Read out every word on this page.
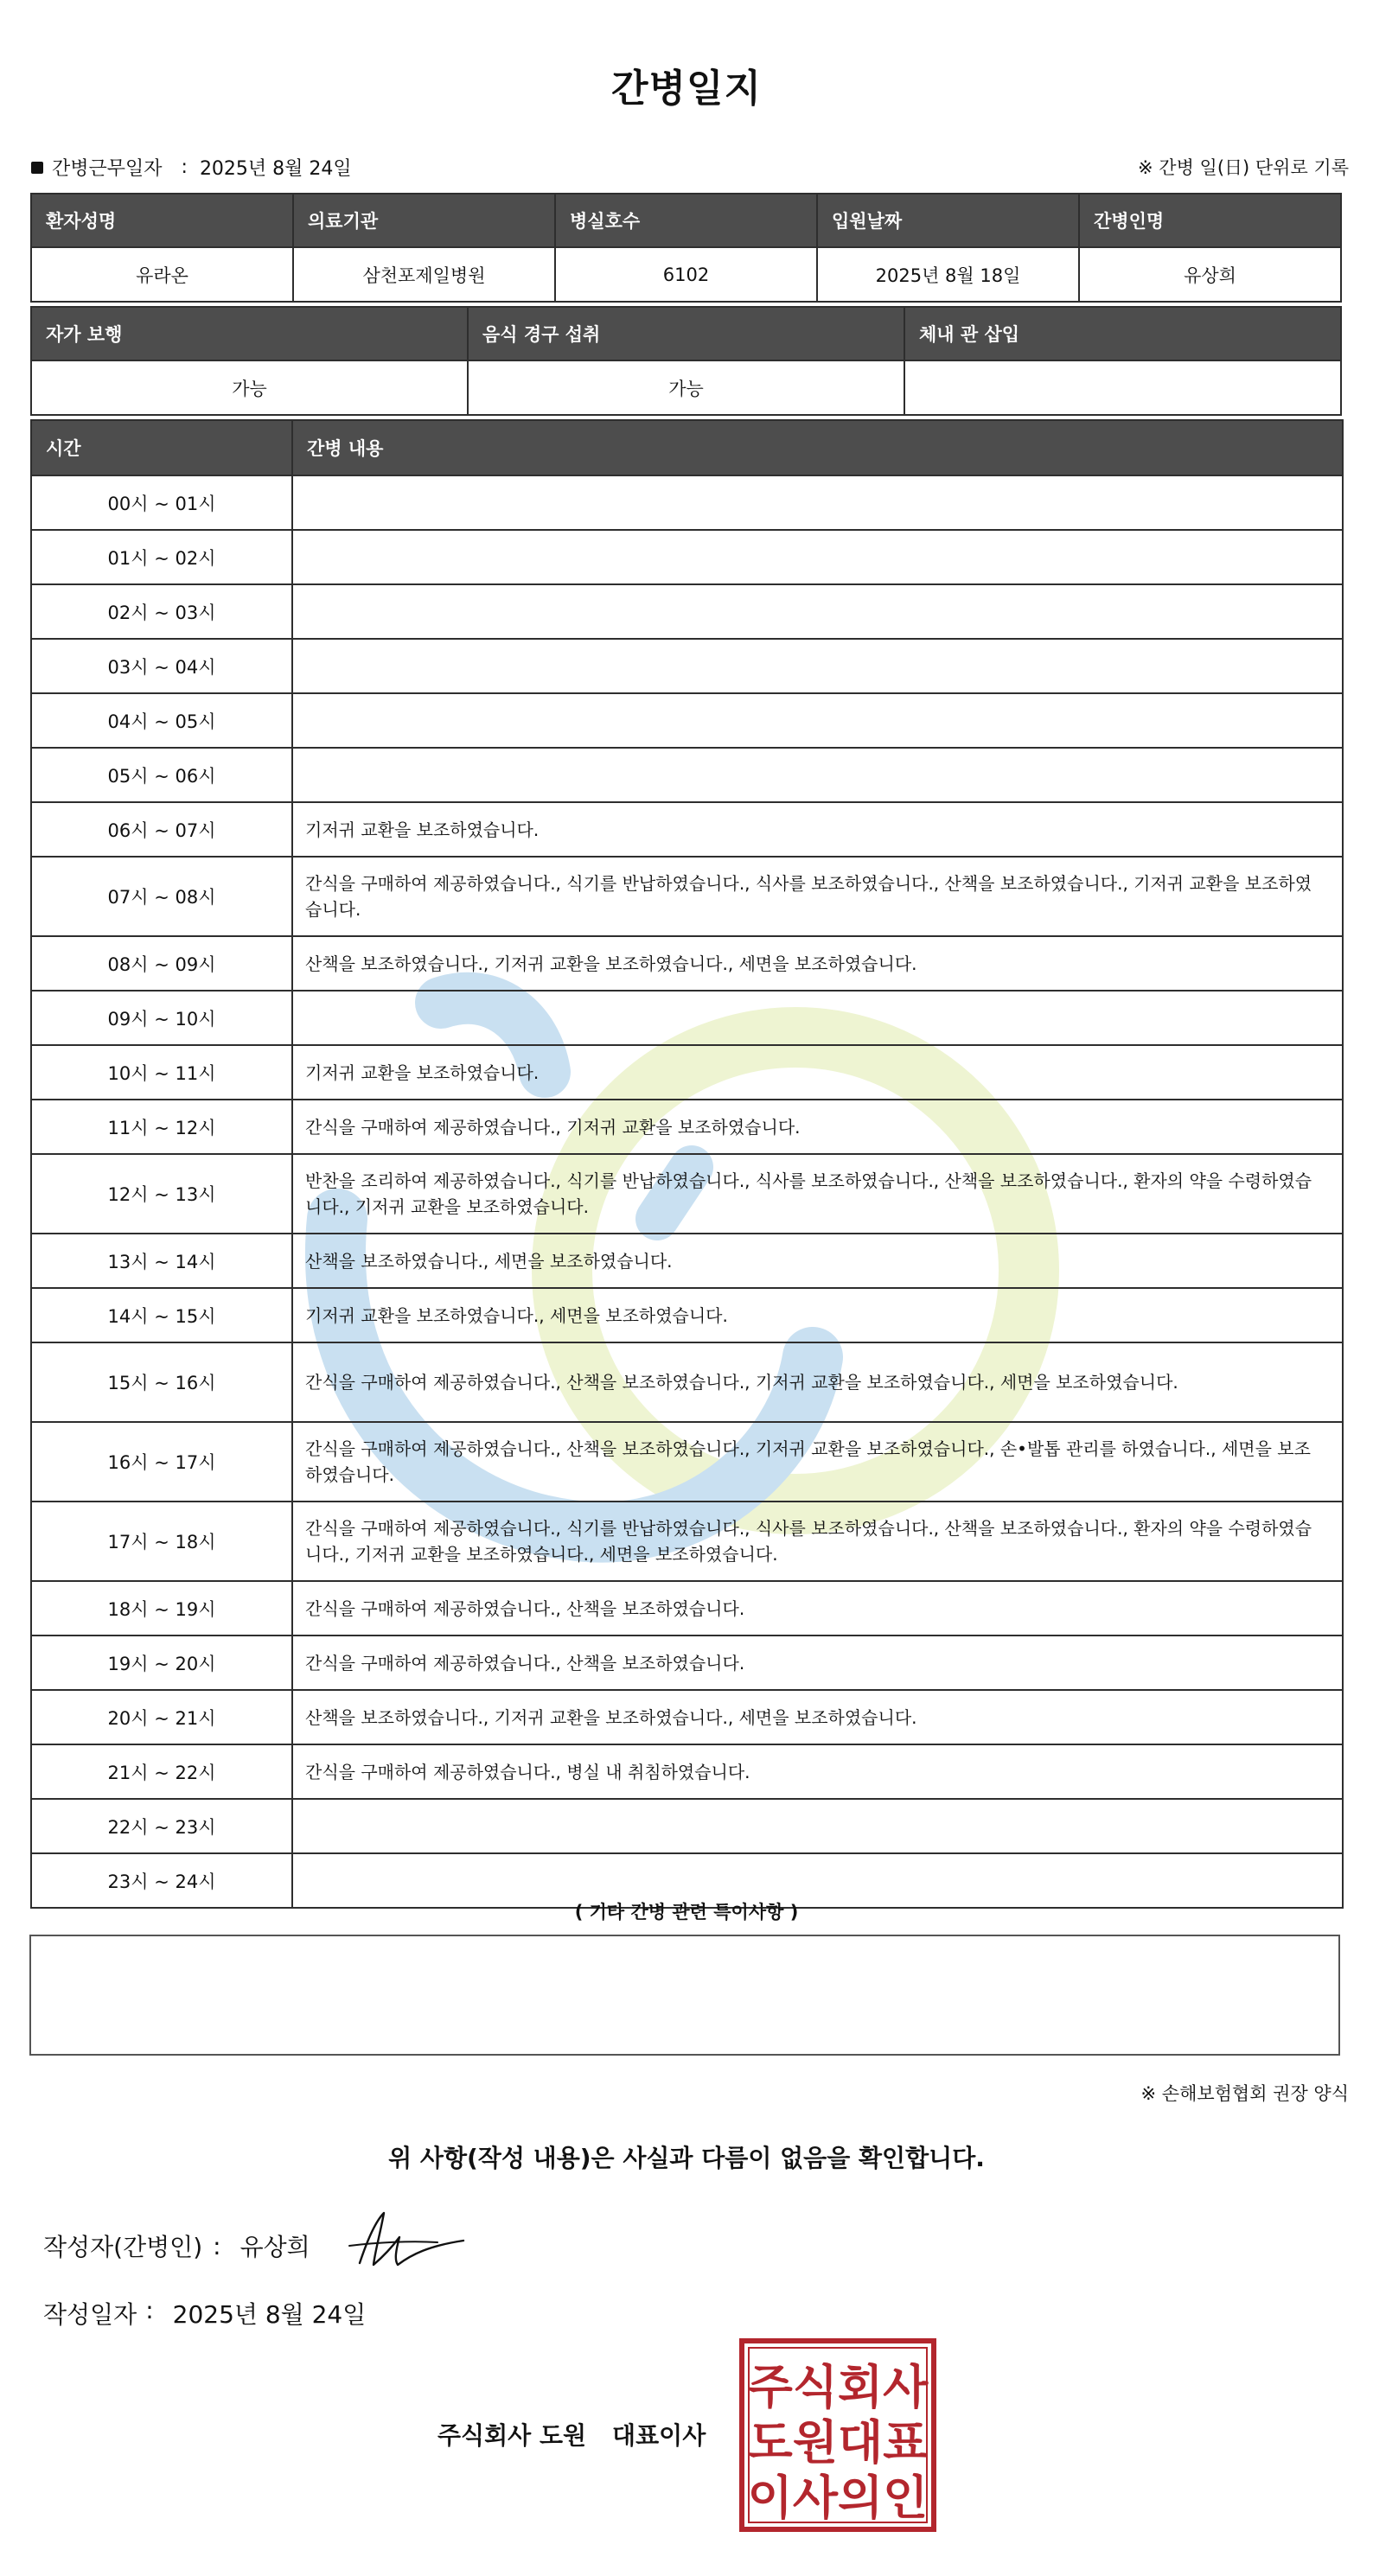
간병일지
간병근무일자 : 2025년 8월 24일	※ 간병 일(日) 단위로 기록
환자성명	의료기관	병실호수	입원날짜	간병인명
유라온	삼천포제일병원	6102	2025년 8월 18일	유상희
자가 보행	음식 경구 섭취	체내 관 삽입
가능	가능	
시간	간병 내용
00시 ~ 01시	
01시 ~ 02시	
02시 ~ 03시	
03시 ~ 04시	
04시 ~ 05시	
05시 ~ 06시	
06시 ~ 07시	기저귀 교환을 보조하였습니다.
07시 ~ 08시	간식을 구매하여 제공하였습니다., 식기를 반납하였습니다., 식사를 보조하였습니다., 산책을 보조하였습니다., 기저귀 교환을 보조하였습니다.
08시 ~ 09시	산책을 보조하였습니다., 기저귀 교환을 보조하였습니다., 세면을 보조하였습니다.
09시 ~ 10시	
10시 ~ 11시	기저귀 교환을 보조하였습니다.
11시 ~ 12시	간식을 구매하여 제공하였습니다., 기저귀 교환을 보조하였습니다.
12시 ~ 13시	반찬을 조리하여 제공하였습니다., 식기를 반납하였습니다., 식사를 보조하였습니다., 산책을 보조하였습니다., 환자의 약을 수령하였습니다., 기저귀 교환을 보조하였습니다.
13시 ~ 14시	산책을 보조하였습니다., 세면을 보조하였습니다.
14시 ~ 15시	기저귀 교환을 보조하였습니다., 세면을 보조하였습니다.
15시 ~ 16시	간식을 구매하여 제공하였습니다., 산책을 보조하였습니다., 기저귀 교환을 보조하였습니다., 세면을 보조하였습니다.
16시 ~ 17시	간식을 구매하여 제공하였습니다., 산책을 보조하였습니다., 기저귀 교환을 보조하였습니다., 손•발톱 관리를 하였습니다., 세면을 보조하였습니다.
17시 ~ 18시	간식을 구매하여 제공하였습니다., 식기를 반납하였습니다., 식사를 보조하였습니다., 산책을 보조하였습니다., 환자의 약을 수령하였습니다., 기저귀 교환을 보조하였습니다., 세면을 보조하였습니다.
18시 ~ 19시	간식을 구매하여 제공하였습니다., 산책을 보조하였습니다.
19시 ~ 20시	간식을 구매하여 제공하였습니다., 산책을 보조하였습니다.
20시 ~ 21시	산책을 보조하였습니다., 기저귀 교환을 보조하였습니다., 세면을 보조하였습니다.
21시 ~ 22시	간식을 구매하여 제공하였습니다., 병실 내 취침하였습니다.
22시 ~ 23시	
23시 ~ 24시	
( 기타 간병 관련 특이사항 )
※ 손해보험협회 권장 양식
위 사항(작성 내용)은 사실과 다름이 없음을 확인합니다.
작성자(간병인) : 유상희
작성일자 : 2025년 8월 24일
주식회사 도원 대표이사
주식회사
도원대표
이사의인
